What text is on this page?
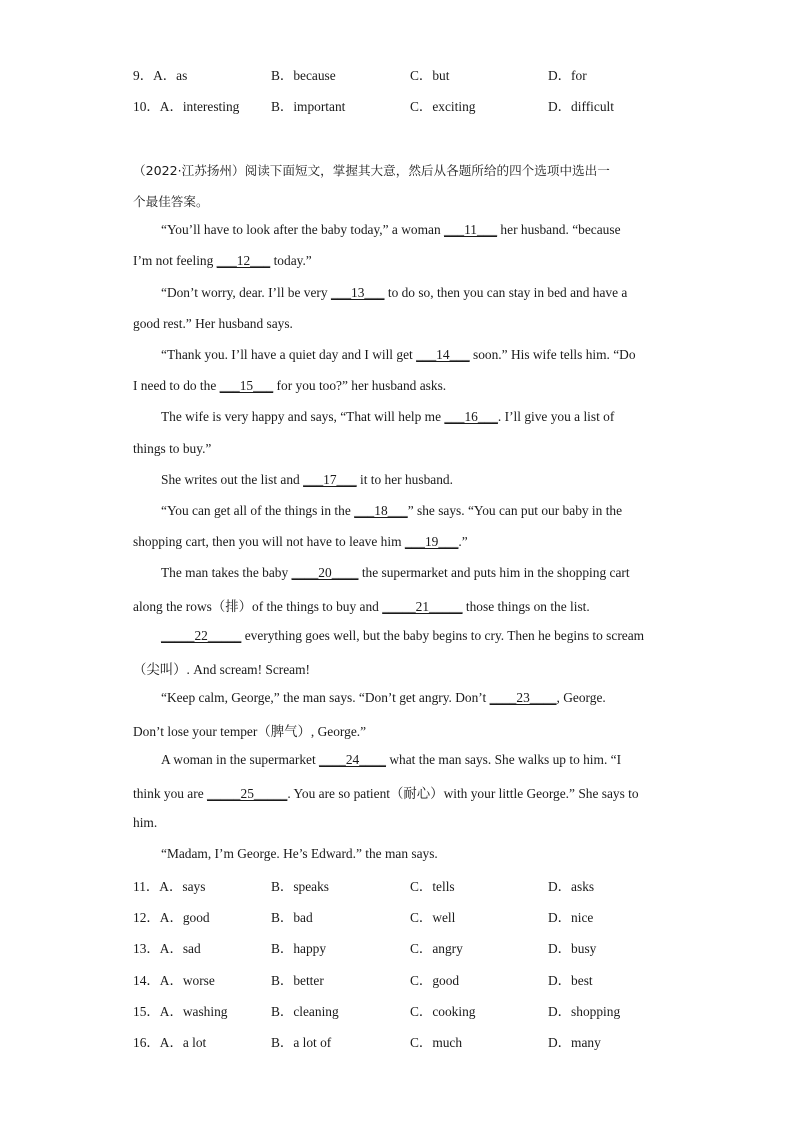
9．A．as	B．because	C．but	D．for
10．A．interesting B．important	C．exciting	D．difficult
（2022·江苏扬州）阅读下面短文，掌握其大意，然后从各题所给的四个选项中选出一
个最佳答案。
“You’ll have to look after the baby today,” a woman ___11___ her husband. “because
I’m not feeling ___12___ today.”
“Don’t worry, dear. I’ll be very ___13___ to do so, then you can stay in bed and have a
good rest.” Her husband says.
“Thank you. I’ll have a quiet day and I will get ___14___ soon.” His wife tells him. “Do
I need to do the ___15___ for you too?” her husband asks.
The wife is very happy and says, “That will help me ___16___. I’ll give you a list of
things to buy.”
She writes out the list and ___17___ it to her husband.
“You can get all of the things in the ___18___” she says. “You can put our baby in the
shopping cart, then you will not have to leave him ___19___.”
The man takes the baby ____20____ the supermarket and puts him in the shopping cart
along the rows（排）of the things to buy and _____21_____ those things on the list.
_____22_____ everything goes well, but the baby begins to cry. Then he begins to scream
（尖叫）. And scream! Scream!
“Keep calm, George,” the man says. “Don’t get angry. Don’t ____23____, George.
Don’t lose your temper（脾气）, George.”
A woman in the supermarket ____24____ what the man says. She walks up to him. “I
think you are _____25_____. You are so patient（耐心）with your little George.” She says to
him.
“Madam, I’m George. He’s Edward.” the man says.
11．A．says	B．speaks	C．tells	D．asks
12．A．good	B．bad	C．well	D．nice
13．A．sad	B．happy	C．angry	D．busy
14．A．worse	B．better	C．good	D．best
15．A．washing	B．cleaning	C．cooking	D．shopping
16．A．a lot	B．a lot of	C．much	D．many
